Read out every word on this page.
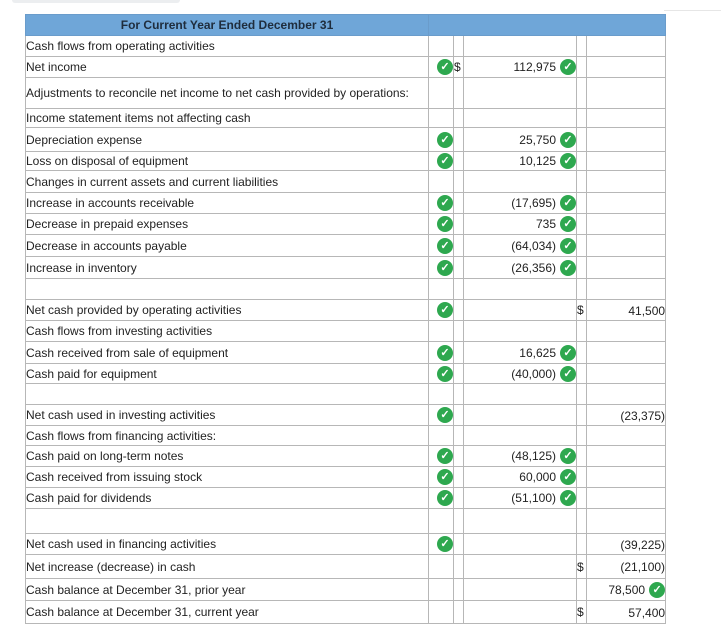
For Current Year Ended December 31					
Cash flows from operating activities					
Net income	✓	$	112,975 ✓		
Adjustments to reconcile net income to net cash provided by operations:					
Income statement items not affecting cash					
Depreciation expense	✓		25,750 ✓		
Loss on disposal of equipment	✓		10,125 ✓		
Changes in current assets and current liabilities					
Increase in accounts receivable	✓		(17,695) ✓		
Decrease in prepaid expenses	✓		735 ✓		
Decrease in accounts payable	✓		(64,034) ✓		
Increase in inventory	✓		(26,356) ✓		

Net cash provided by operating activities	✓			$	41,500
Cash flows from investing activities					
Cash received from sale of equipment	✓		16,625 ✓		
Cash paid for equipment	✓		(40,000) ✓		

Net cash used in investing activities	✓				(23,375)
Cash flows from financing activities:					
Cash paid on long-term notes	✓		(48,125) ✓		
Cash received from issuing stock	✓		60,000 ✓		
Cash paid for dividends	✓		(51,100) ✓		

Net cash used in financing activities	✓				(39,225)
Net increase (decrease) in cash				$	(21,100)
Cash balance at December 31, prior year					78,500 ✓
Cash balance at December 31, current year				$	57,400
